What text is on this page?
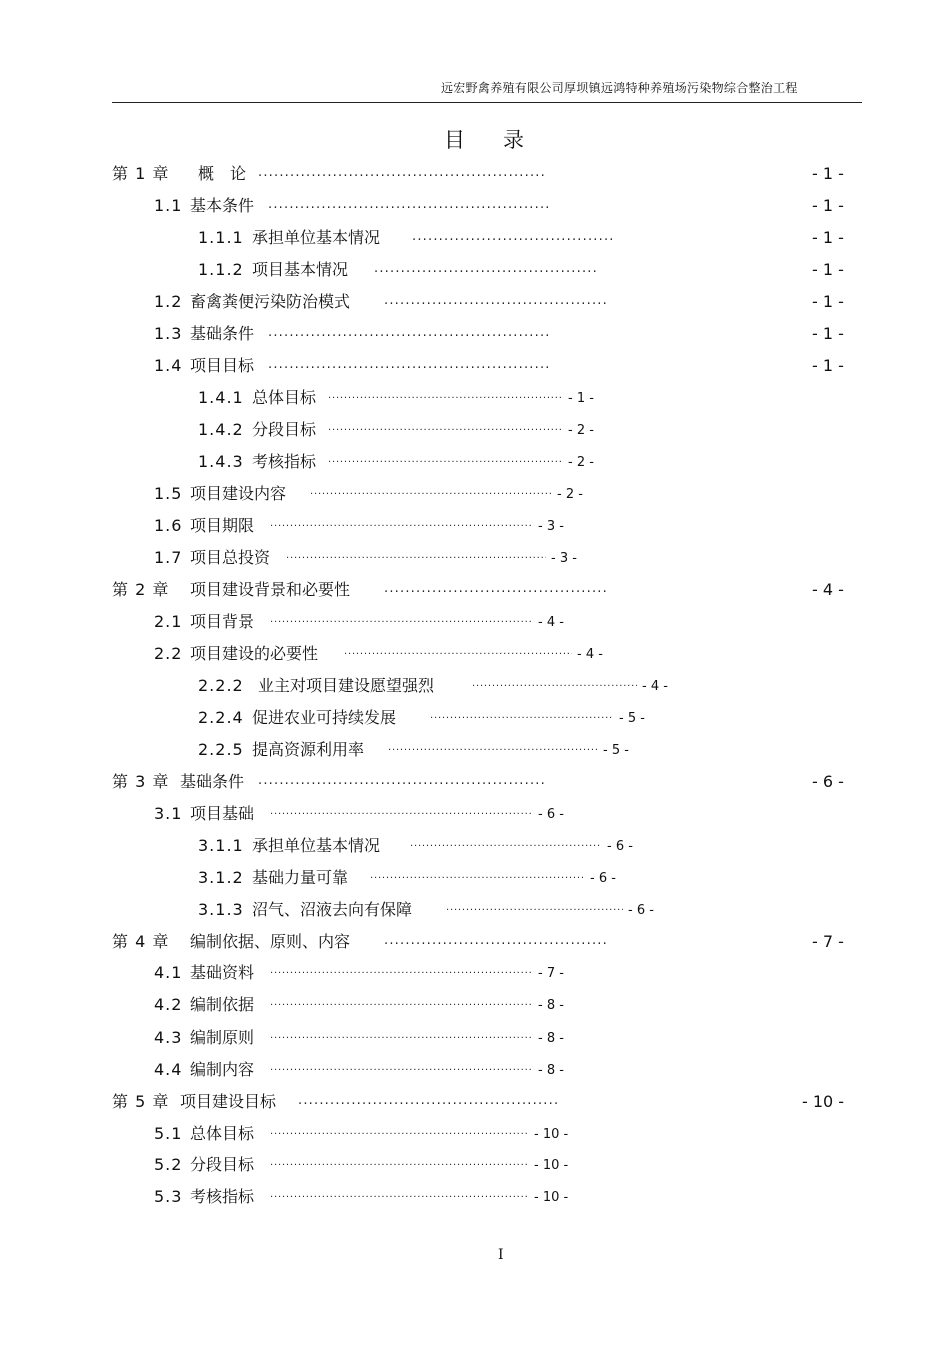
远宏野禽养殖有限公司厚坝镇远鸿特种养殖场污染物综合整治工程
目录
第 1 章 概　论 .....	- 1 -
1.1 基本条件 .....	- 1 -
1.1.1 承担单位基本情况 .....	- 1 -
1.1.2 项目基本情况 .....	- 1 -
1.2 畜禽粪便污染防治模式 .....	- 1 -
1.3 基础条件 .....	- 1 -
1.4 项目目标 .....	- 1 -
1.4.1 总体目标 .....	- 1 -
1.4.2 分段目标 .....	- 2 -
1.4.3 考核指标 .....	- 2 -
1.5 项目建设内容 .....	- 2 -
1.6 项目期限 .....	- 3 -
1.7 项目总投资 .....	- 3 -
第 2 章 项目建设背景和必要性 .....	- 4 -
2.1 项目背景 .....	- 4 -
2.2 项目建设的必要性 .....	- 4 -
2.2.2 业主对项目建设愿望强烈 .....	- 4 -
2.2.4 促进农业可持续发展 .....	- 5 -
2.2.5 提高资源利用率 .....	- 5 -
第 3 章 基础条件 .....	- 6 -
3.1 项目基础 .....	- 6 -
3.1.1 承担单位基本情况 .....	- 6 -
3.1.2 基础力量可靠 .....	- 6 -
3.1.3 沼气、沼液去向有保障 .....	- 6 -
第 4 章 编制依据、原则、内容 .....	- 7 -
4.1 基础资料 .....	- 7 -
4.2 编制依据 .....	- 8 -
4.3 编制原则 .....	- 8 -
4.4 编制内容 .....	- 8 -
第 5 章 项目建设目标 .....	- 10 -
5.1 总体目标 .....	- 10 -
5.2 分段目标 .....	- 10 -
5.3 考核指标 .....	- 10 -
I
